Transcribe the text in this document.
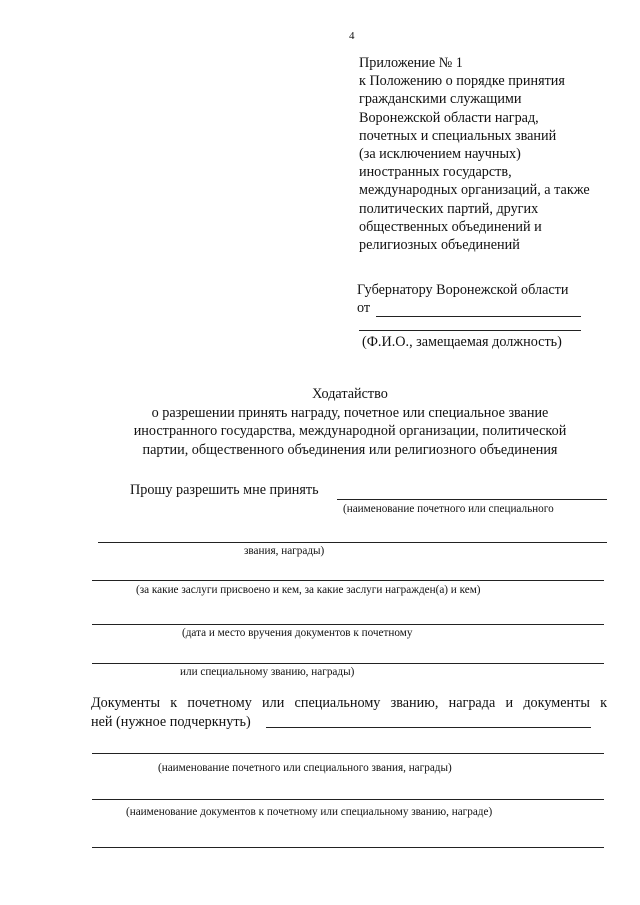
4
Приложение № 1
к Положению о порядке принятия
гражданскими служащими
Воронежской области наград,
почетных и специальных званий
(за исключением научных)
иностранных государств,
международных организаций, а также
политических партий, других
общественных объединений и
религиозных объединений
Губернатору Воронежской области
от
(Ф.И.О., замещаемая должность)
Ходатайство
о разрешении принять награду, почетное или специальное звание
иностранного государства, международной организации, политической
партии, общественного объединения или религиозного объединения
Прошу разрешить мне принять
(наименование почетного или специального
звания, награды)
(за какие заслуги присвоено и кем, за какие заслуги награжден(а) и кем)
(дата и место вручения документов к почетному
или специальному званию, награды)
Документы к почетному или специальному званию, награда и документы к
ней (нужное подчеркнуть)
(наименование почетного или специального звания, награды)
(наименование документов к почетному или специальному званию, награде)
